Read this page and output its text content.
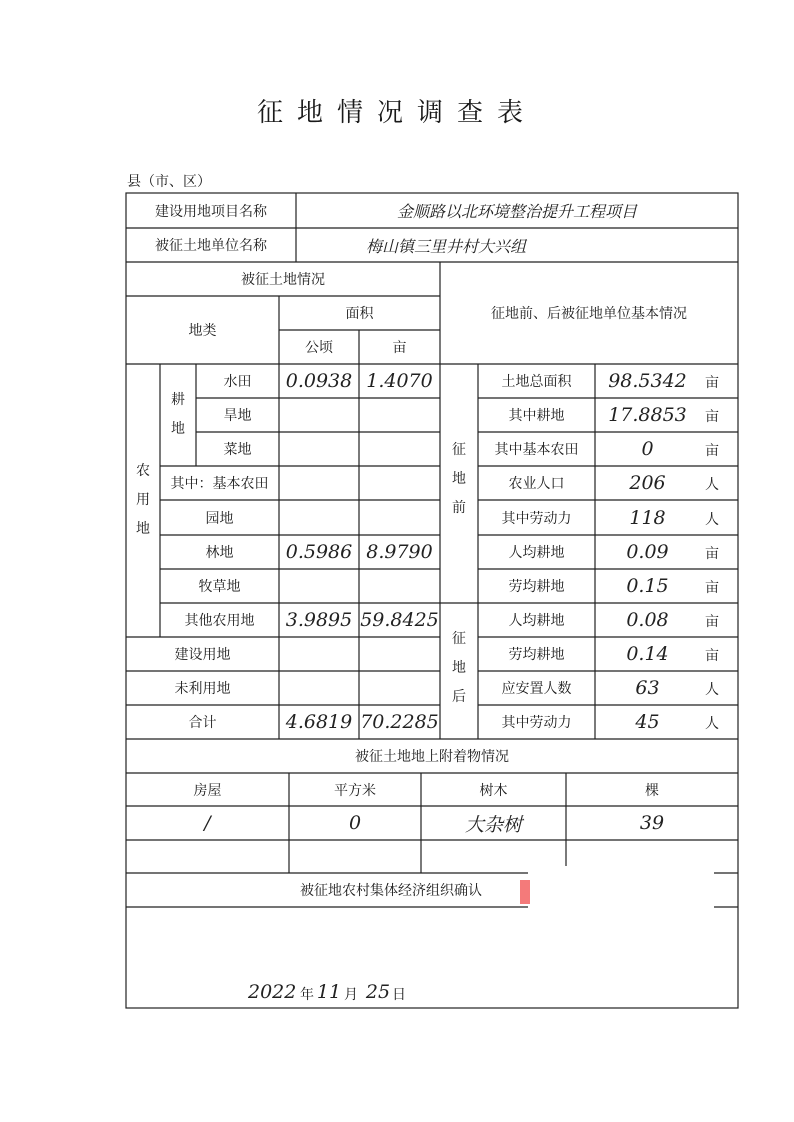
征地情况调查表
县（市、区）
建设用地项目名称	金顺路以北环境整治提升工程项目
被征土地单位名称	梅山镇三里井村大兴组
被征土地情况
地类
面积
公顷	亩
征地前、后被征地单位基本情况
农
用
地
耕
地
征
地
前
征
地
后
水田	0.0938 1.4070
旱地
菜地
其中：基本农田
园地
林地	0.5986 8.9790
牧草地
其他农用地	3.9895 59.8425
建设用地
未利用地
合计	4.6819 70.2285
土地总面积	98.5342	亩
其中耕地	17.8853	亩
其中基本农田	0	亩
农业人口	206	人
其中劳动力	118	人
人均耕地	0.09	亩
劳均耕地	0.15	亩
人均耕地	0.08	亩
劳均耕地	0.14	亩
应安置人数	63	人
其中劳动力	45	人
被征土地地上附着物情况
房屋	平方米	树木	棵
/	0	大杂树	39
被征地农村集体经济组织确认
2022 年 11 月 25 日
